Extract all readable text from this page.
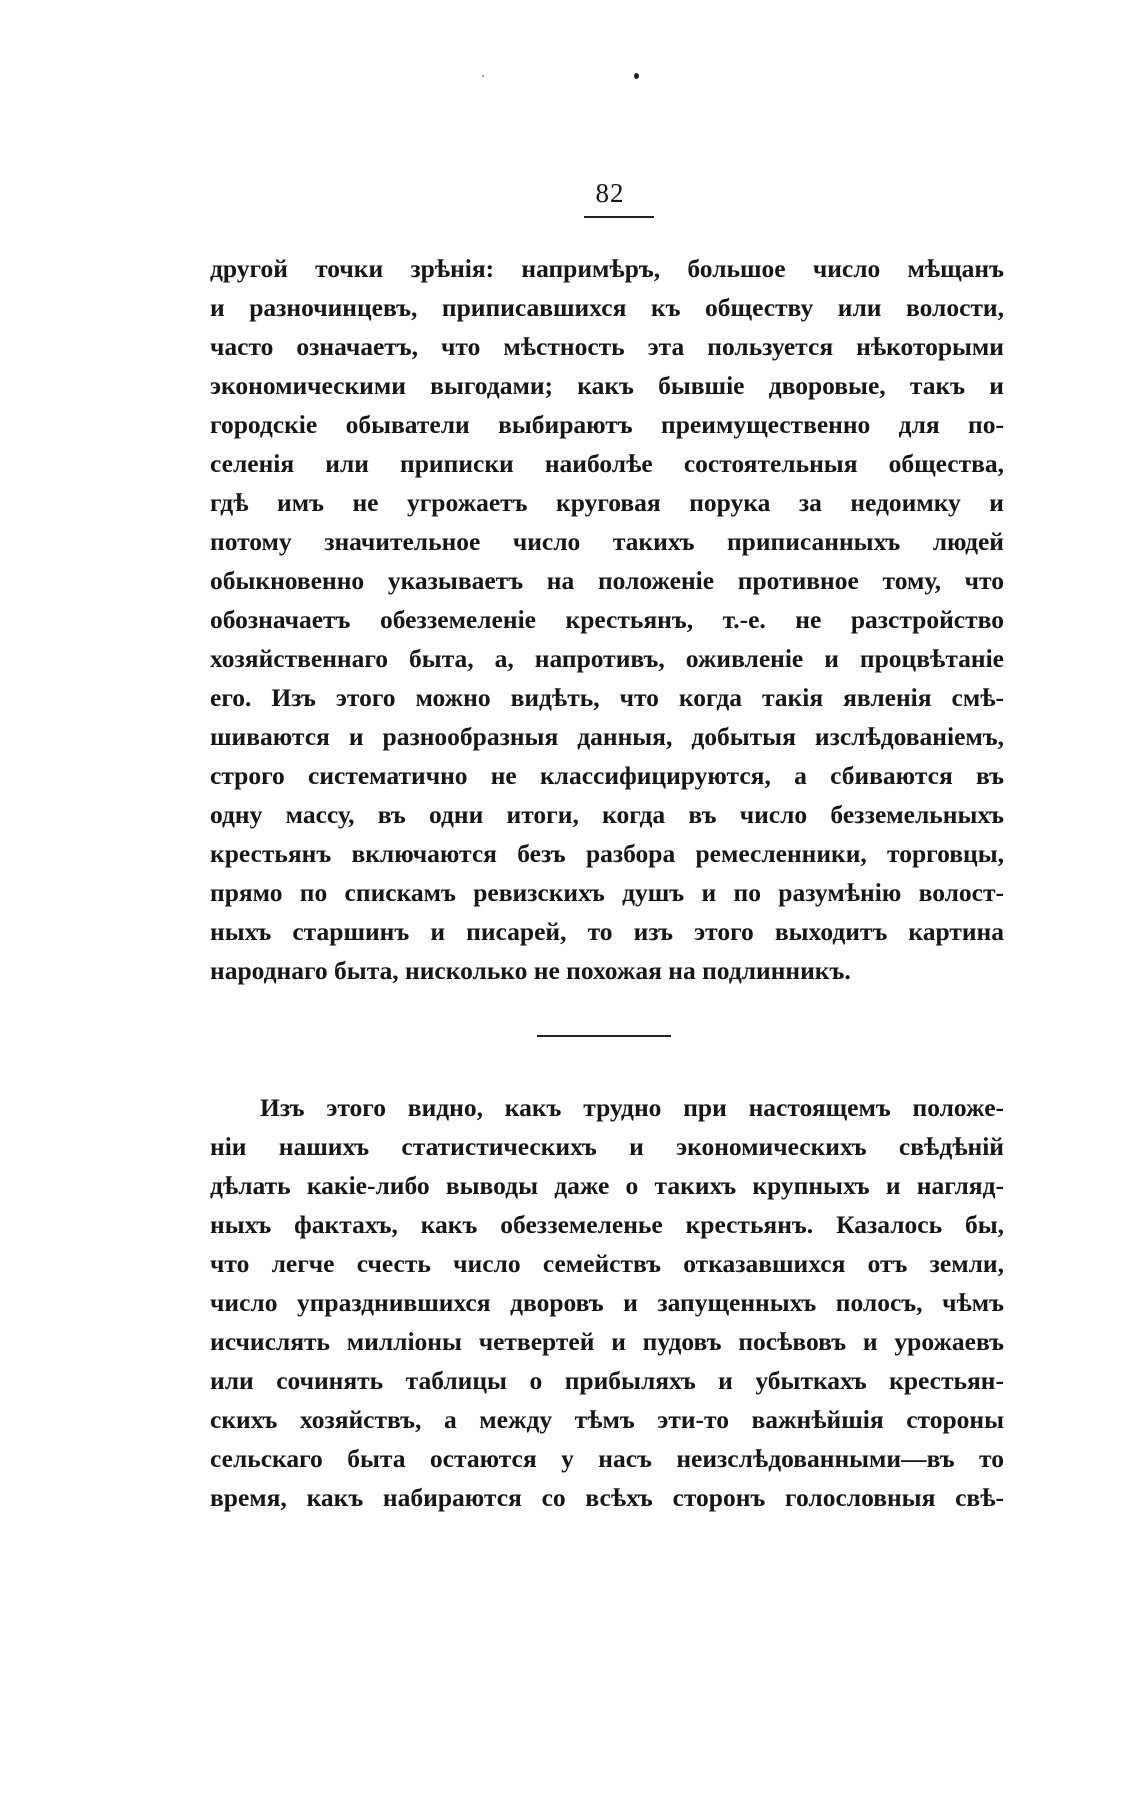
82
другой точки зрѣнія: напримѣръ, большое число мѣщанъ
и разночинцевъ, приписавшихся къ обществу или волости,
часто означаетъ, что мѣстность эта пользуется нѣкоторыми
экономическими выгодами; какъ бывшіе дворовые, такъ и
городскіе обыватели выбираютъ преимущественно для по-
селенія или приписки наиболѣе состоятельныя общества,
гдѣ имъ не угрожаетъ круговая порука за недоимку и
потому значительное число такихъ приписанныхъ людей
обыкновенно указываетъ на положеніе противное тому, что
обозначаетъ обезземеленіе крестьянъ, т.-е. не разстройство
хозяйственнаго быта, а, напротивъ, оживленіе и процвѣтаніе
его. Изъ этого можно видѣть, что когда такія явленія смѣ-
шиваются и разнообразныя данныя, добытыя изслѣдованіемъ,
строго систематично не классифицируются, а сбиваются въ
одну массу, въ одни итоги, когда въ число безземельныхъ
крестьянъ включаются безъ разбора ремесленники, торговцы,
прямо по спискамъ ревизскихъ душъ и по разумѣнію волост-
ныхъ старшинъ и писарей, то изъ этого выходитъ картина
народнаго быта, нисколько не похожая на подлинникъ.
Изъ этого видно, какъ трудно при настоящемъ положе-
ніи нашихъ статистическихъ и экономическихъ свѣдѣній
дѣлать какіе-либо выводы даже о такихъ крупныхъ и нагляд-
ныхъ фактахъ, какъ обезземеленье крестьянъ. Казалось бы,
что легче счесть число семействъ отказавшихся отъ земли,
число упразднившихся дворовъ и запущенныхъ полосъ, чѣмъ
исчислять милліоны четвертей и пудовъ посѣвовъ и урожаевъ
или сочинять таблицы о прибыляхъ и убыткахъ крестьян-
скихъ хозяйствъ, а между тѣмъ эти-то важнѣйшія стороны
сельскаго быта остаются у насъ неизслѣдованными—въ то
время, какъ набираются со всѣхъ сторонъ голословныя свѣ-
